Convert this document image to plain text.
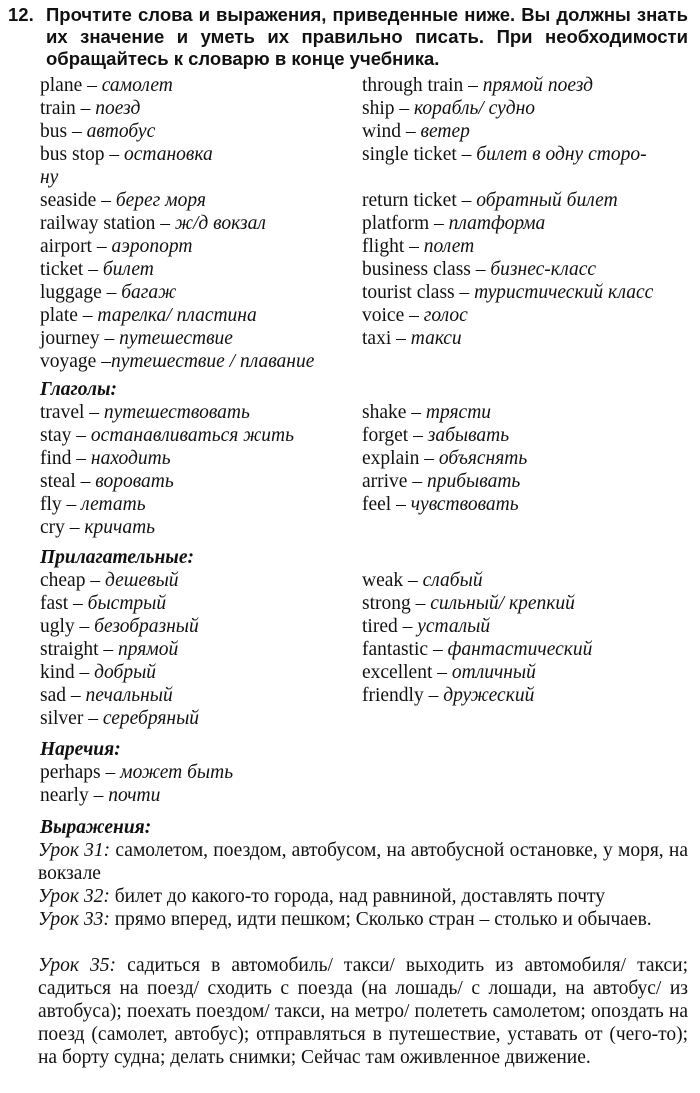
12. Прочтите слова и выражения, приведенные ниже. Вы должны знать их значение и уметь их правильно писать. При необходимости обращайтесь к словарю в конце учебника.
plane – самолет
train – поезд
bus – автобус
bus stop – остановка
ну
seaside – берег моря
railway station – ж/д вокзал
airport – аэропорт
ticket – билет
luggage – багаж
plate – тарелка/ пластина
journey – путешествие
voyage –путешествие / плавание
through train – прямой поезд
ship – корабль/ судно
wind – ветер
single ticket – билет в одну сторо-
return ticket – обратный билет
platform – платформа
flight – полет
business class – бизнес-класс
tourist class – туристический класс
voice – голос
taxi – такси
Глаголы:
travel – путешествовать
stay – останавливаться жить
find – находить
steal – воровать
fly – летать
cry – кричать
shake – трясти
forget – забывать
explain – объяснять
arrive – прибывать
feel – чувствовать
Прилагательные:
cheap – дешевый
fast – быстрый
ugly – безобразный
straight – прямой
kind – добрый
sad – печальный
silver – серебряный
weak – слабый
strong – сильный/ крепкий
tired – усталый
fantastic – фантастический
excellent – отличный
friendly – дружеский
Наречия:
perhaps – может быть
nearly – почти
Выражения:
Урок 31: самолетом, поездом, автобусом, на автобусной остановке, у моря, на вокзале
Урок 32: билет до какого-то города, над равниной, доставлять почту
Урок 33: прямо вперед, идти пешком; Сколько стран – столько и обычаев.
Урок 35: садиться в автомобиль/ такси/ выходить из автомобиля/ такси; садиться на поезд/ сходить с поезда (на лошадь/ с лошади, на автобус/ из автобуса); поехать поездом/ такси, на метро/ полететь самолетом; опоздать на поезд (самолет, автобус); отправляться в путешествие, уставать от (чего-то); на борту судна; делать снимки; Сейчас там оживленное движение.
